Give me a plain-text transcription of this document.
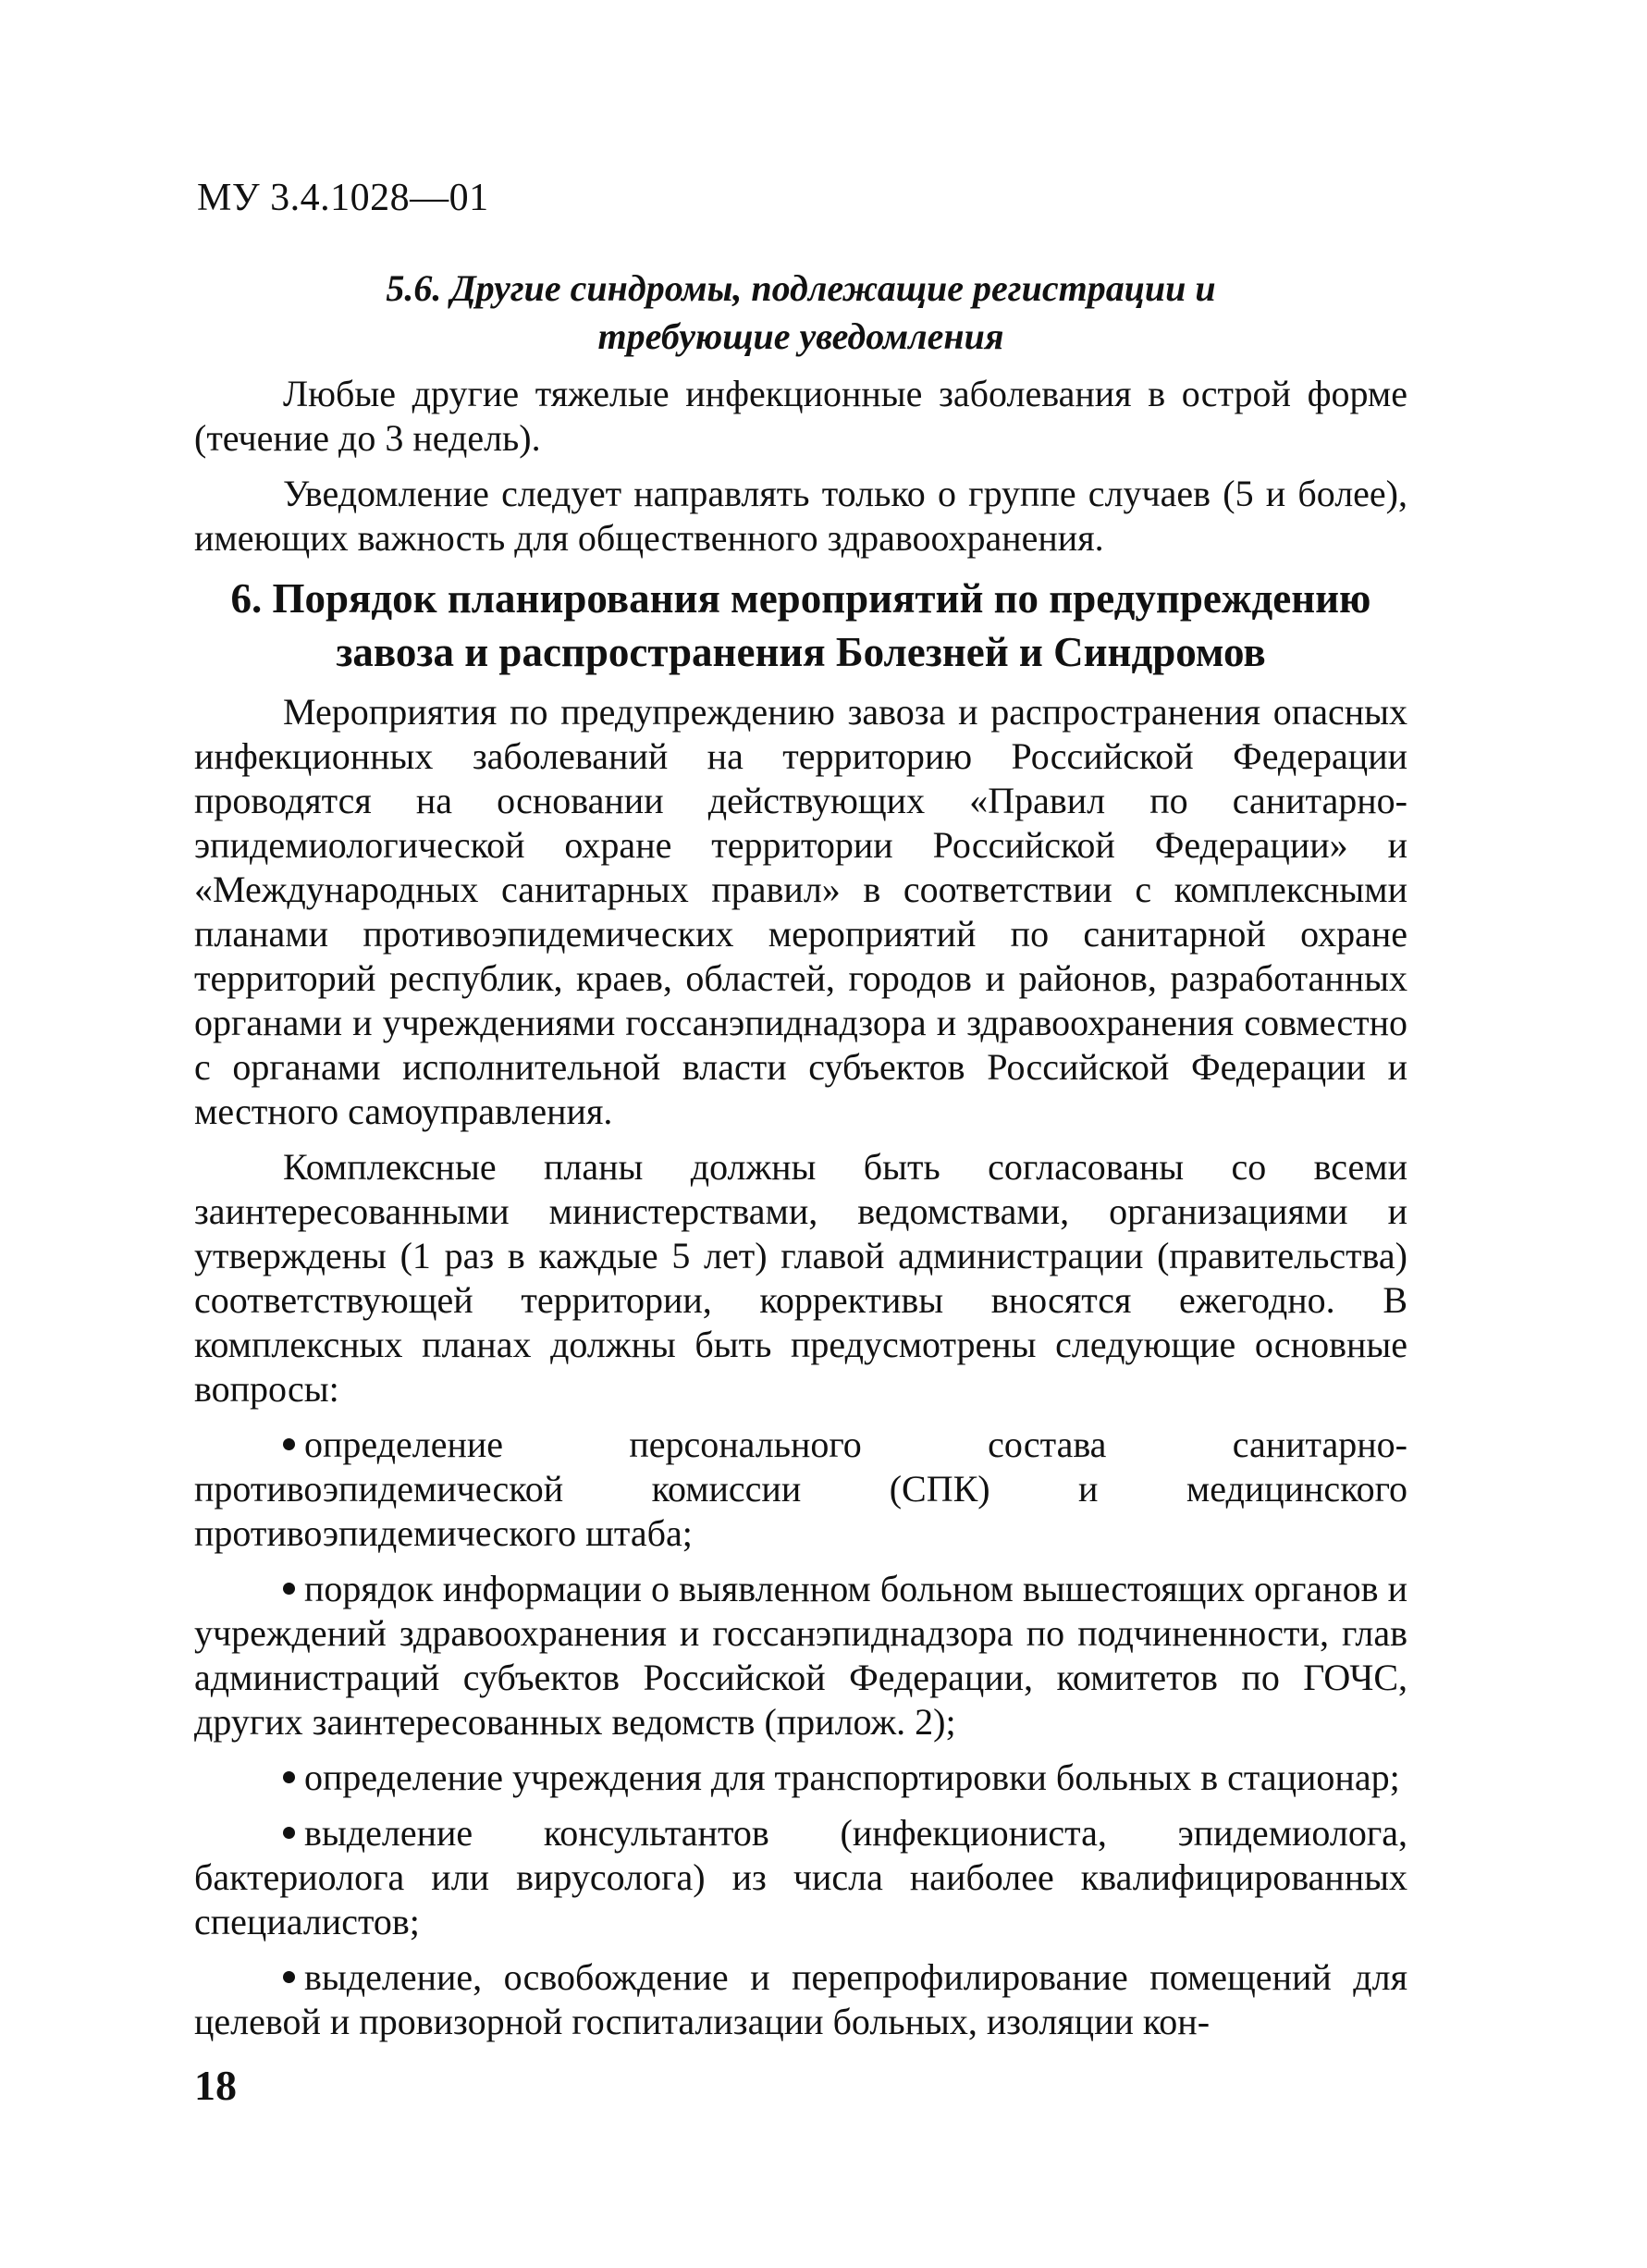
МУ 3.4.1028—01
5.6. Другие синдромы, подлежащие регистрации и
требующие уведомления

Любые другие тяжелые инфекционные заболевания в острой форме (течение до 3 недель).

Уведомление следует направлять только о группе случаев (5 и более), имеющих важность для общественного здравоохранения.

6. Порядок планирования мероприятий по предупреждению
завоза и распространения Болезней и Синдромов

Мероприятия по предупреждению завоза и распространения опасных инфекционных заболеваний на территорию Российской Федерации проводятся на основании действующих «Правил по санитарно-эпидемиологической охране территории Российской Федерации» и «Международных санитарных правил» в соответствии с комплексными планами противоэпидемических мероприятий по санитарной охране территорий республик, краев, областей, городов и районов, разработанных органами и учреждениями госсанэпиднадзора и здравоохранения совместно с органами исполнительной власти субъектов Российской Федерации и местного самоуправления.

Комплексные планы должны быть согласованы со всеми заинтересованными министерствами, ведомствами, организациями и утверждены (1 раз в каждые 5 лет) главой администрации (правительства) соответствующей территории, коррективы вносятся ежегодно. В комплексных планах должны быть предусмотрены следующие основные вопросы:

определение персонального состава санитарно-противоэпидемической комиссии (СПК) и медицинского противоэпидемического штаба;
порядок информации о выявленном больном вышестоящих органов и учреждений здравоохранения и госсанэпиднадзора по подчиненности, глав администраций субъектов Российской Федерации, комитетов по ГОЧС, других заинтересованных ведомств (прилож. 2);
определение учреждения для транспортировки больных в стационар;
выделение консультантов (инфекциониста, эпидемиолога, бактериолога или вирусолога) из числа наиболее квалифицированных специалистов;
выделение, освобождение и перепрофилирование помещений для целевой и провизорной госпитализации больных, изоляции кон-
18
